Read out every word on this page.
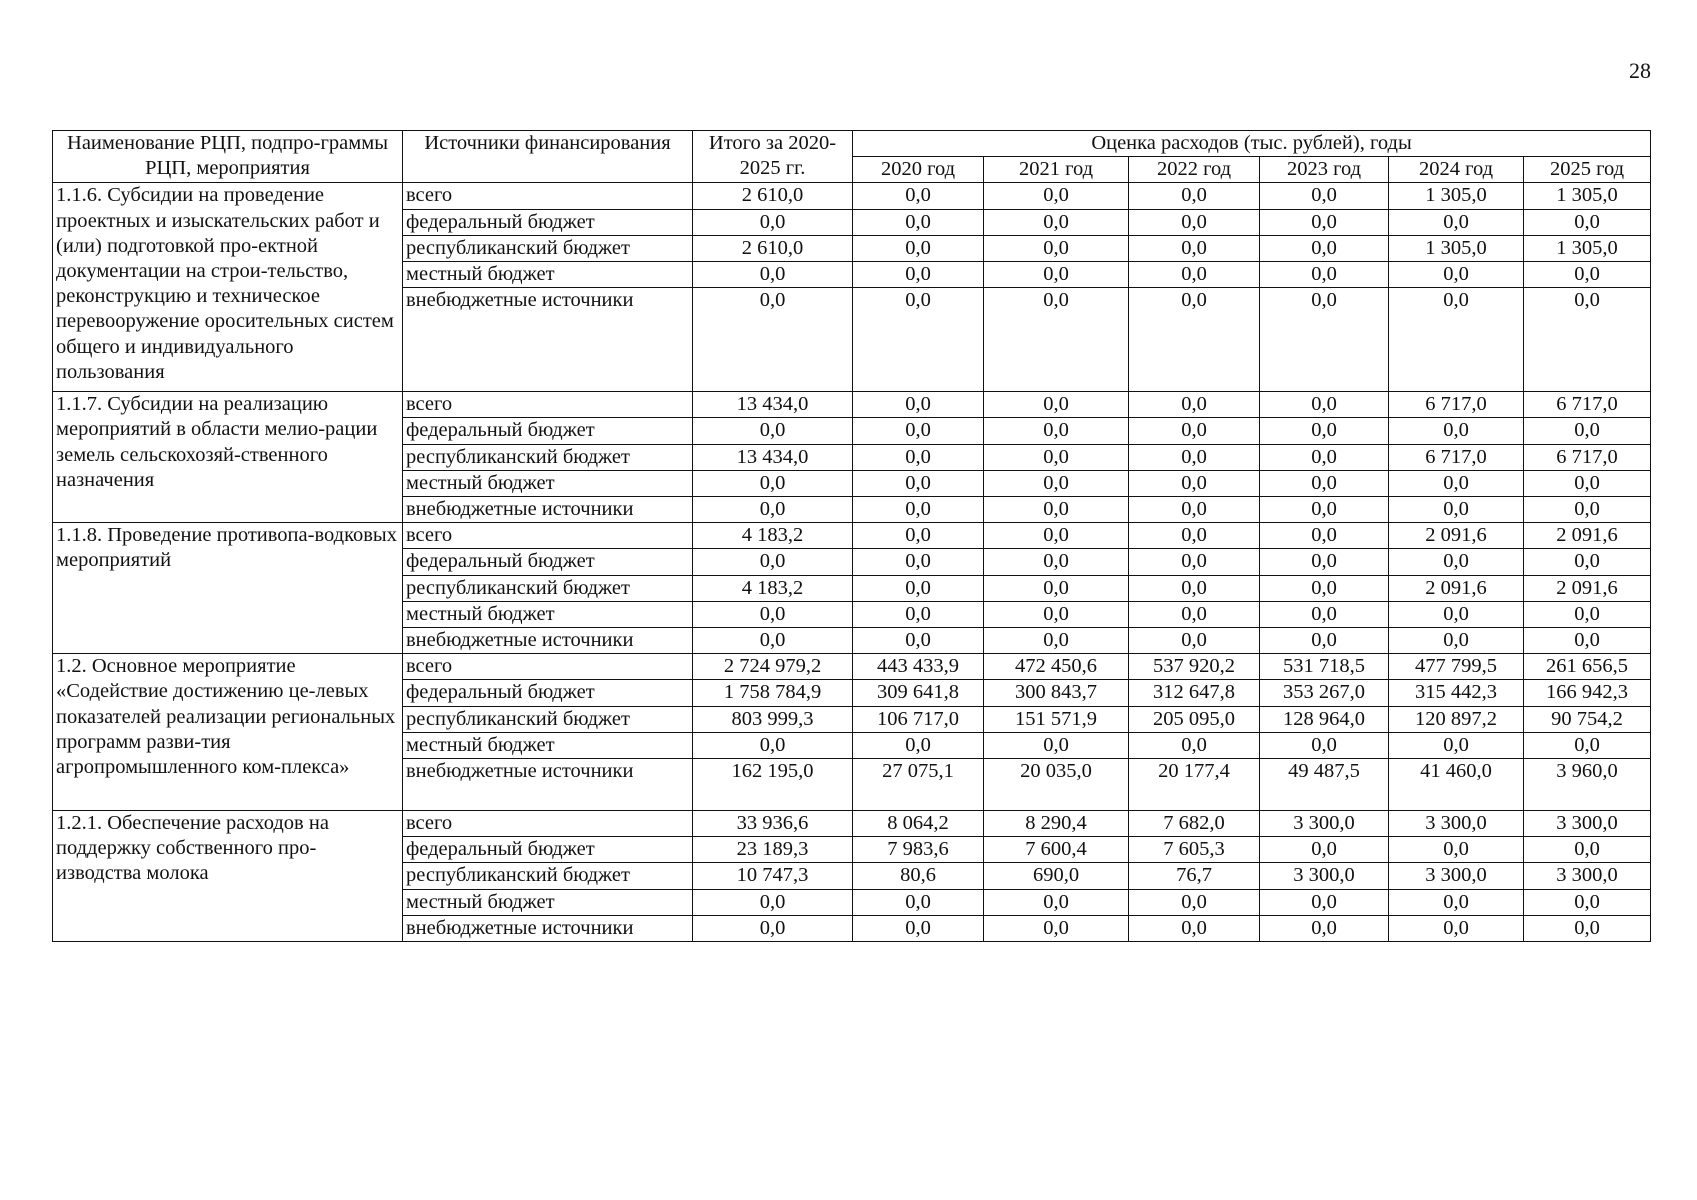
28
Наименование РЦП, подпро-граммы РЦП, мероприятия	Источники финансирования	Итого за 2020-2025 гг.	Оценка расходов (тыс. рублей), годы					
			2020 год	2021 год	2022 год	2023 год	2024 год	2025 год
1.1.6. Субсидии на проведение проектных и изыскательских работ и (или) подготовкой про-ектной документации на строи-тельство, реконструкцию и техническое перевооружение оросительных систем общего и индивидуального пользования	всего	2 610,0	0,0	0,0	0,0	0,0	1 305,0	1 305,0
	федеральный бюджет	0,0	0,0	0,0	0,0	0,0	0,0	0,0
	республиканский бюджет	2 610,0	0,0	0,0	0,0	0,0	1 305,0	1 305,0
	местный бюджет	0,0	0,0	0,0	0,0	0,0	0,0	0,0
	внебюджетные источники	0,0	0,0	0,0	0,0	0,0	0,0	0,0
1.1.7. Субсидии на реализацию мероприятий в области мелио-рации земель сельскохозяй-ственного назначения	всего	13 434,0	0,0	0,0	0,0	0,0	6 717,0	6 717,0
	федеральный бюджет	0,0	0,0	0,0	0,0	0,0	0,0	0,0
	республиканский бюджет	13 434,0	0,0	0,0	0,0	0,0	6 717,0	6 717,0
	местный бюджет	0,0	0,0	0,0	0,0	0,0	0,0	0,0
	внебюджетные источники	0,0	0,0	0,0	0,0	0,0	0,0	0,0
1.1.8. Проведение противопа-водковых мероприятий	всего	4 183,2	0,0	0,0	0,0	0,0	2 091,6	2 091,6
	федеральный бюджет	0,0	0,0	0,0	0,0	0,0	0,0	0,0
	республиканский бюджет	4 183,2	0,0	0,0	0,0	0,0	2 091,6	2 091,6
	местный бюджет	0,0	0,0	0,0	0,0	0,0	0,0	0,0
	внебюджетные источники	0,0	0,0	0,0	0,0	0,0	0,0	0,0
1.2. Основное мероприятие «Содействие достижению це-левых показателей реализации региональных программ разви-тия агропромышленного ком-плекса»	всего	2 724 979,2	443 433,9	472 450,6	537 920,2	531 718,5	477 799,5	261 656,5
	федеральный бюджет	1 758 784,9	309 641,8	300 843,7	312 647,8	353 267,0	315 442,3	166 942,3
	республиканский бюджет	803 999,3	106 717,0	151 571,9	205 095,0	128 964,0	120 897,2	90 754,2
	местный бюджет	0,0	0,0	0,0	0,0	0,0	0,0	0,0
	внебюджетные источники	162 195,0	27 075,1	20 035,0	20 177,4	49 487,5	41 460,0	3 960,0
1.2.1. Обеспечение расходов на поддержку собственного про-изводства молока	всего	33 936,6	8 064,2	8 290,4	7 682,0	3 300,0	3 300,0	3 300,0
	федеральный бюджет	23 189,3	7 983,6	7 600,4	7 605,3	0,0	0,0	0,0
	республиканский бюджет	10 747,3	80,6	690,0	76,7	3 300,0	3 300,0	3 300,0
	местный бюджет	0,0	0,0	0,0	0,0	0,0	0,0	0,0
	внебюджетные источники	0,0	0,0	0,0	0,0	0,0	0,0	0,0
